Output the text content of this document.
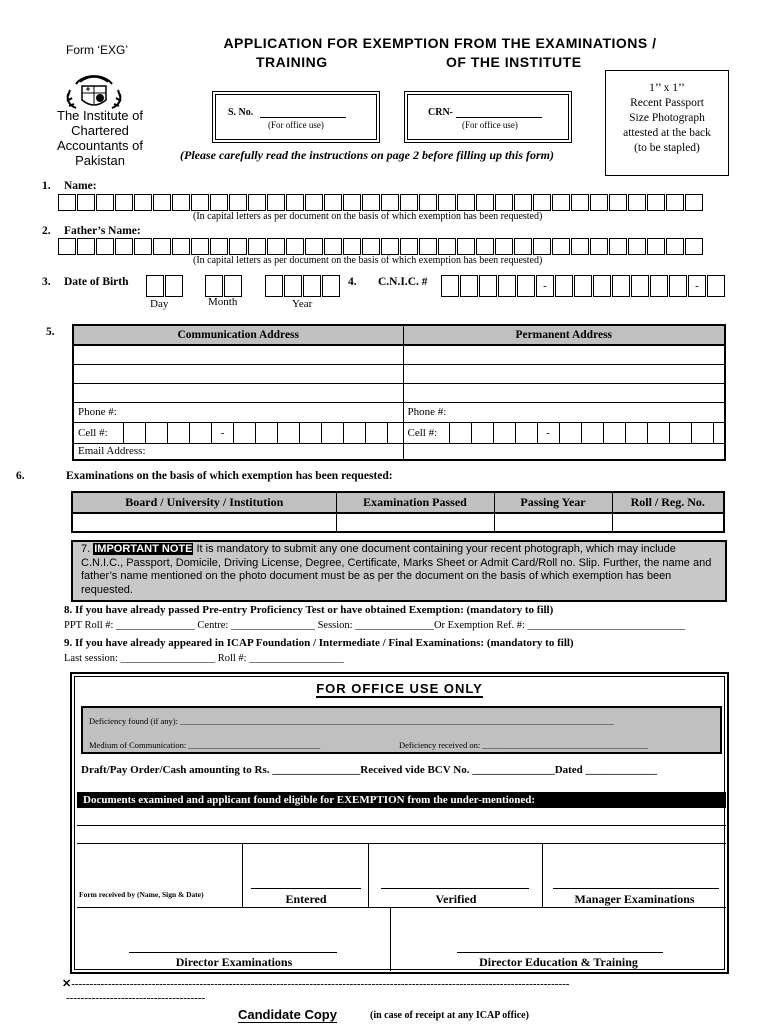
Form ‘EXG’	APPLICATION FOR EXEMPTION FROM THE EXAMINATIONS /
TRAINING	OF THE INSTITUTE
The Institute of Chartered Accountants of Pakistan
S. No.
(For office use)
CRN-
(For office use)
1’’ x 1’’
Recent Passport
Size Photograph
attested at the back
(to be stapled)
(Please carefully read the instructions on page 2 before filling up this form)
1. Name:
(In capital letters as per document on the basis of which exemption has been requested)
2. Father’s Name:
(In capital letters as per document on the basis of which exemption has been requested)
3. Date of Birth
Day	Month	Year
4. C.N.I.C. #	-	-
5.	Communication Address	Permanent Address

Phone #:	Phone #:

Cell #: -	Cell #: -

Email Address:	
6.	Examinations on the basis of which exemption has been requested:
Board / University / Institution	Examination Passed	Passing Year	Roll / Reg. No.

7. IMPORTANT NOTE It is mandatory to submit any one document containing your recent photograph, which may include C.N.I.C., Passport, Domicile, Driving License, Degree, Certificate, Marks Sheet or Admit Card/Roll no. Slip. Further, the name and father’s name mentioned on the photo document must be as per the document on the basis of which exemption has been requested.
8. If you have already passed Pre-entry Proficiency Test or have obtained Exemption: (mandatory to fill)
PPT Roll #: _______________ Centre: ________________ Session: _______________Or Exemption Ref. #: ______________________________
9. If you have already appeared in ICAP Foundation / Intermediate / Final Examinations: (mandatory to fill)
Last session: __________________ Roll #: __________________
FOR OFFICE USE ONLY
Deficiency found (if any): ______________________________________________________________________________________________________
Medium of Communication: _______________________________	Deficiency received on: _______________________________________
Draft/Pay Order/Cash amounting to Rs. ________________Received vide BCV No. _______________Dated _____________
Documents examined and applicant found eligible for EXEMPTION from the under-mentioned:
Form received by (Name, Sign & Date)	Entered	Verified	Manager Examinations
Director Examinations	Director Education & Training
✕----------------------------------------------------------------------------------------------------------------------------------------
--------------------------------------
Candidate Copy	(in case of receipt at any ICAP office)
